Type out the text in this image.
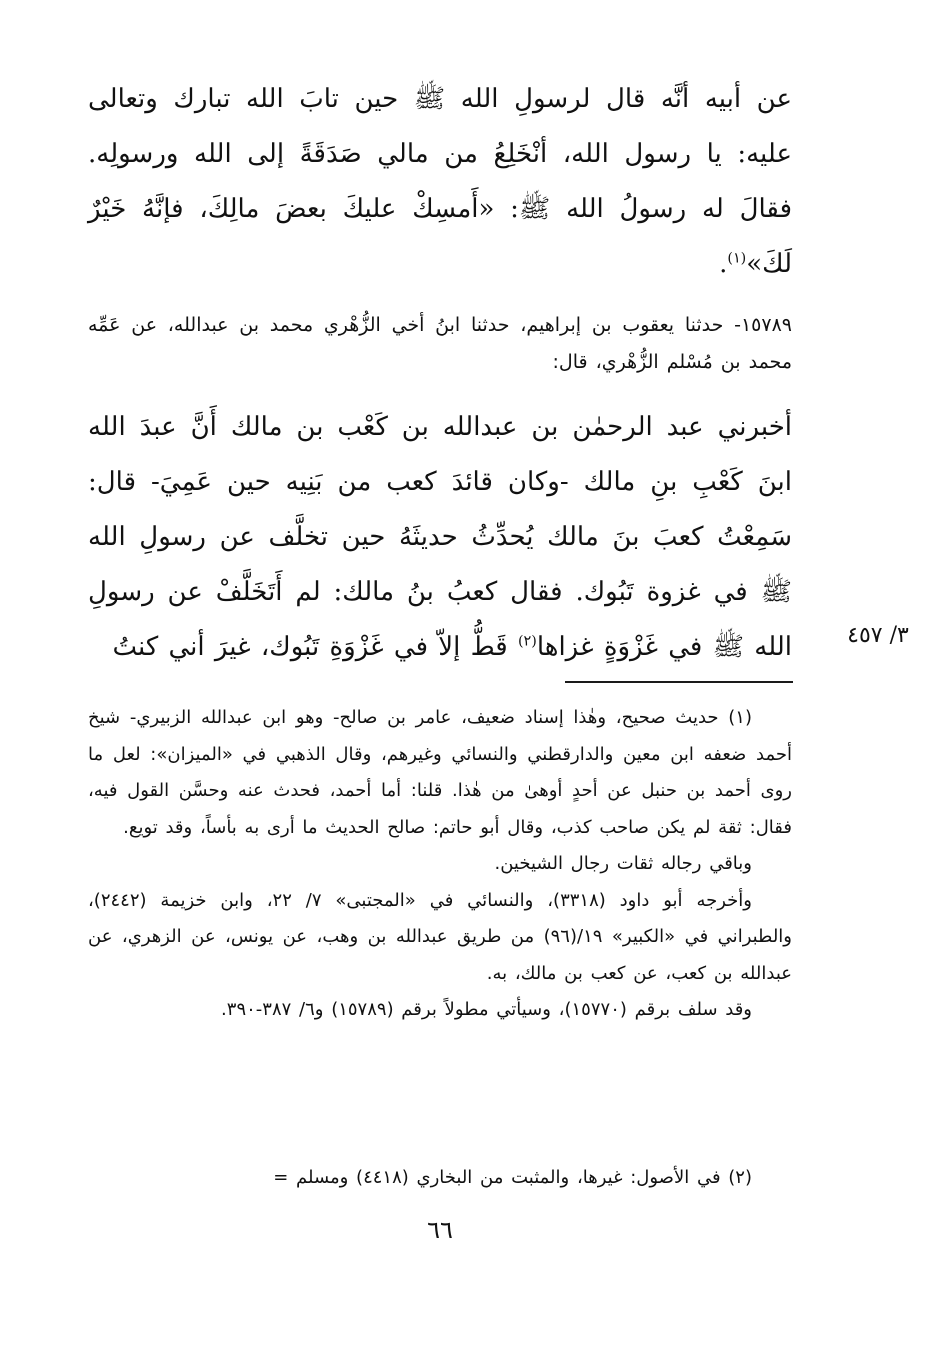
عن أبيه أنَّه قال لرسولِ الله ﷺ حين تابَ الله تبارك وتعالى عليه: يا رسول الله، أنْخَلِعُ من مالي صَدَقَةً إلى الله ورسولِه. فقالَ له رسولُ الله ﷺ: «أَمسِكْ عليكَ بعضَ مالِكَ، فإنَّهُ خَيْرٌ لَكَ»$^{(١)}$.
١٥٧٨٩- حدثنا يعقوب بن إبراهيم، حدثنا ابنُ أخي الزُّهْري محمد بن عبدالله، عن عَمِّه محمد بن مُسْلم الزُّهْري، قال:
أخبرني عبد الرحمٰن بن عبدالله بن كَعْب بن مالك أَنَّ عبدَ الله ابنَ كَعْبِ بنِ مالك -وكان قائدَ كعب من بَنِيه حين عَمِيَ- قال: سَمِعْتُ كعبَ بنَ مالك يُحدِّثُ حديثَهُ حين تخلَّف عن رسولِ الله ﷺ في غزوة تَبُوك. فقال كعبُ بنُ مالك: لم أَتَخَلَّفْ عن رسولِ الله ﷺ في غَزْوَةٍ غزاها$^{(٢)}$ قَطُّ إلاّ في غَزْوَةِ تَبُوك، غيرَ أني كنتُ	٣/ ٤٥٧

(١) حديث صحيح، وهٰذا إسناد ضعيف، عامر بن صالح- وهو ابن عبدالله الزبيري- شيخ أحمد ضعفه ابن معين والدارقطني والنسائي وغيرهم، وقال الذهبي في «الميزان»: لعل ما روى أحمد بن حنبل عن أحدٍ أوهىٰ من هٰذا. قلنا: أما أحمد، فحدث عنه وحسَّن القول فيه، فقال: ثقة لم يكن صاحب كذب، وقال أبو حاتم: صالح الحديث ما أرى به بأساً، وقد تويع.

وباقي رجاله ثقات رجال الشيخين.

وأخرجه أبو داود (٣٣١٨)، والنسائي في «المجتبى» ٧/ ٢٢، وابن خزيمة (٢٤٤٢)، والطبراني في «الكبير» ١٩/(٩٦) من طريق عبدالله بن وهب، عن يونس، عن الزهري، عن عبدالله بن كعب، عن كعب بن مالك، به.

وقد سلف برقم (١٥٧٧٠)، وسيأتي مطولاً برقم (١٥٧٨٩) و٦/ ٣٨٧-٣٩٠.

(٢) في الأصول: غيرها، والمثبت من البخاري (٤٤١٨) ومسلم =

٦٦
